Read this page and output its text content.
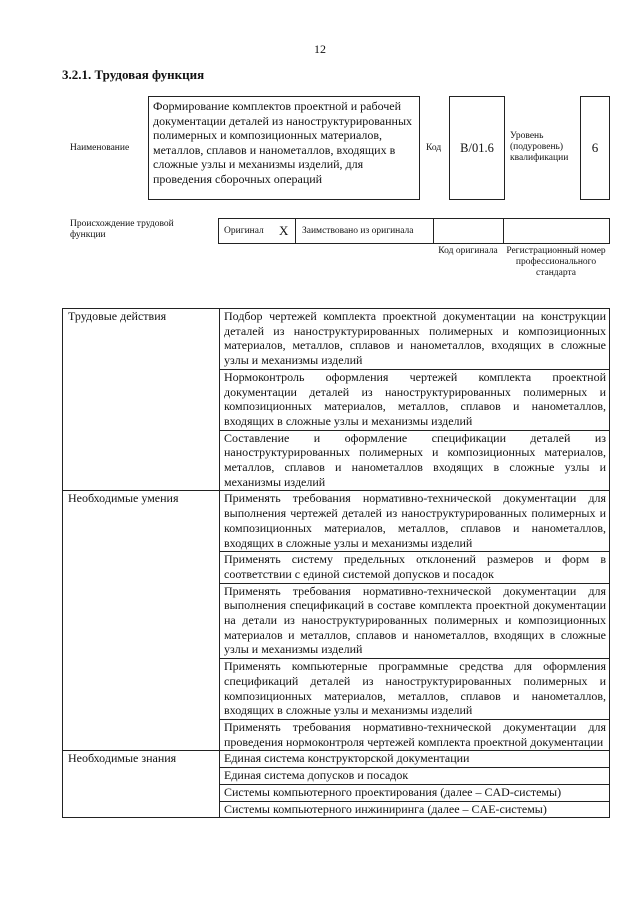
12
3.2.1. Трудовая функция
Наименование
Формирование комплектов проектной и рабочей документации деталей из наноструктурированных полимерных и композиционных материалов, металлов, сплавов и нанометаллов, входящих в сложные узлы и механизмы изделий, для проведения сборочных операций
Код B/01.6
Уровень (подуровень) квалификации
6
Происхождение трудовой функции	Оригинал X Заимствовано из оригинала
Код оригинала Регистрационный номер профессионального стандарта
Трудовые действия	Подбор чертежей комплекта проектной документации на конструкции деталей из наноструктурированных полимерных и композиционных материалов, металлов, сплавов и нанометаллов, входящих в сложные узлы и механизмы изделий
	Нормоконтроль оформления чертежей комплекта проектной документации деталей из наноструктурированных полимерных и композиционных материалов, металлов, сплавов и нанометаллов, входящих в сложные узлы и механизмы изделий
	Составление и оформление спецификации деталей из наноструктурированных полимерных и композиционных материалов, металлов, сплавов и нанометаллов входящих в сложные узлы и механизмы изделий
Необходимые умения	Применять требования нормативно-технической документации для выполнения чертежей деталей из наноструктурированных полимерных и композиционных материалов, металлов, сплавов и нанометаллов, входящих в сложные узлы и механизмы изделий
	Применять систему предельных отклонений размеров и форм в соответствии с единой системой допусков и посадок
	Применять требования нормативно-технической документации для выполнения спецификаций в составе комплекта проектной документации на детали из наноструктурированных полимерных и композиционных материалов и металлов, сплавов и нанометаллов, входящих в сложные узлы и механизмы изделий
	Применять компьютерные программные средства для оформления спецификаций деталей из наноструктурированных полимерных и композиционных материалов, металлов, сплавов и нанометаллов, входящих в сложные узлы и механизмы изделий
	Применять требования нормативно-технической документации для проведения нормоконтроля чертежей комплекта проектной документации
Необходимые знания	Единая система конструкторской документации
	Единая система допусков и посадок
	Системы компьютерного проектирования (далее – CAD-системы)
	Системы компьютерного инжиниринга (далее – CAE-системы)
